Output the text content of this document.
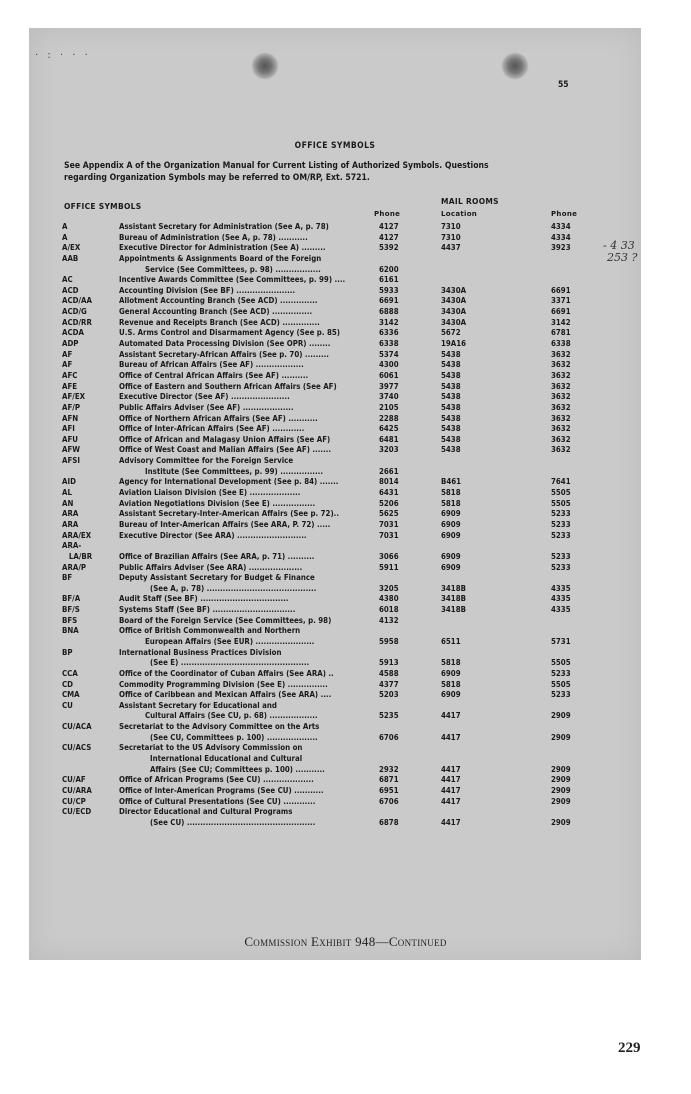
· : · · ·
55
OFFICE SYMBOLS
See Appendix A of the Organization Manual for Current Listing of Authorized Symbols. Questions regarding Organization Symbols may be referred to OM/RP, Ext. 5721.
OFFICE SYMBOLS
MAIL ROOMS
Phone	Location	Phone
A	Assistant Secretary for Administration (See A, p. 78)	4127	7310	4334
A	Bureau of Administration (See A, p. 78) ...........	4127	7310	4334
A/EX	Executive Director for Administration (See A) .........	5392	4437	3923
AAB	Appointments & Assignments Board of the Foreign
Service (See Committees, p. 98) .................	6200
AC	Incentive Awards Committee (See Committees, p. 99) ....	6161
ACD	Accounting Division (See BF) ......................	5933	3430A	6691
ACD/AA	Allotment Accounting Branch (See ACD) ..............	6691	3430A	3371
ACD/G	General Accounting Branch (See ACD) ...............	6888	3430A	6691
ACD/RR	Revenue and Receipts Branch (See ACD) ..............	3142	3430A	3142
ACDA	U.S. Arms Control and Disarmament Agency (See p. 85)	6336	5672	6781
ADP	Automated Data Processing Division (See OPR) ........	6338	19A16	6338
AF	Assistant Secretary-African Affairs (See p. 70) .........	5374	5438	3632
AF	Bureau of African Affairs (See AF) ..................	4300	5438	3632
AFC	Office of Central African Affairs (See AF) ..........	6061	5438	3632
AFE	Office of Eastern and Southern African Affairs (See AF)	3977	5438	3632
AF/EX	Executive Director (See AF) ......................	3740	5438	3632
AF/P	Public Affairs Adviser (See AF) ...................	2105	5438	3632
AFN	Office of Northern African Affairs (See AF) ...........	2288	5438	3632
AFI	Office of Inter-African Affairs (See AF) ............	6425	5438	3632
AFU	Office of African and Malagasy Union Affairs (See AF)	6481	5438	3632
AFW	Office of West Coast and Malian Affairs (See AF) .......	3203	5438	3632
AFSI	Advisory Committee for the Foreign Service
Institute (See Committees, p. 99) ................	2661
AID	Agency for International Development (See p. 84) .......	8014	B461	7641
AL	Aviation Liaison Division (See E) ...................	6431	5818	5505
AN	Aviation Negotiations Division (See E) ................	5206	5818	5505
ARA	Assistant Secretary-Inter-American Affairs (See p. 72)..	5625	6909	5233
ARA	Bureau of Inter-American Affairs (See ARA, P. 72) .....	7031	6909	5233
ARA/EX	Executive Director (See ARA) ..........................	7031	6909	5233
ARA-
LA/BR	Office of Brazilian Affairs (See ARA, p. 71) ..........	3066	6909	5233
ARA/P	Public Affairs Adviser (See ARA) ....................	5911	6909	5233
BF	Deputy Assistant Secretary for Budget & Finance
(See A, p. 78) .........................................	3205	3418B	4335
BF/A	Audit Staff (See BF) .................................	4380	3418B	4335
BF/S	Systems Staff (See BF) ...............................	6018	3418B	4335
BFS	Board of the Foreign Service (See Committees, p. 98)	4132
BNA	Office of British Commonwealth and Northern
European Affairs (See EUR) ......................	5958	6511	5731
BP	International Business Practices Division
(See E) ................................................	5913	5818	5505
CCA	Office of the Coordinator of Cuban Affairs (See ARA) ..	4588	6909	5233
CD	Commodity Programming Division (See E) ...............	4377	5818	5505
CMA	Office of Caribbean and Mexican Affairs (See ARA) ....	5203	6909	5233
CU	Assistant Secretary for Educational and
Cultural Affairs (See CU, p. 68) ..................	5235	4417	2909
CU/ACA	Secretariat to the Advisory Committee on the Arts
(See CU, Committees p. 100) ...................	6706	4417	2909
CU/ACS	Secretariat to the US Advisory Commission on
International Educational and Cultural
Affairs (See CU; Committees p. 100) ...........	2932	4417	2909
CU/AF	Office of African Programs (See CU) ...................	6871	4417	2909
CU/ARA	Office of Inter-American Programs (See CU) ...........	6951	4417	2909
CU/CP	Office of Cultural Presentations (See CU) ............	6706	4417	2909
CU/ECD	Director Educational and Cultural Programs
(See CU) ................................................	6878	4417	2909
- 4 33
253 ?
Commission Exhibit 948—Continued
229
